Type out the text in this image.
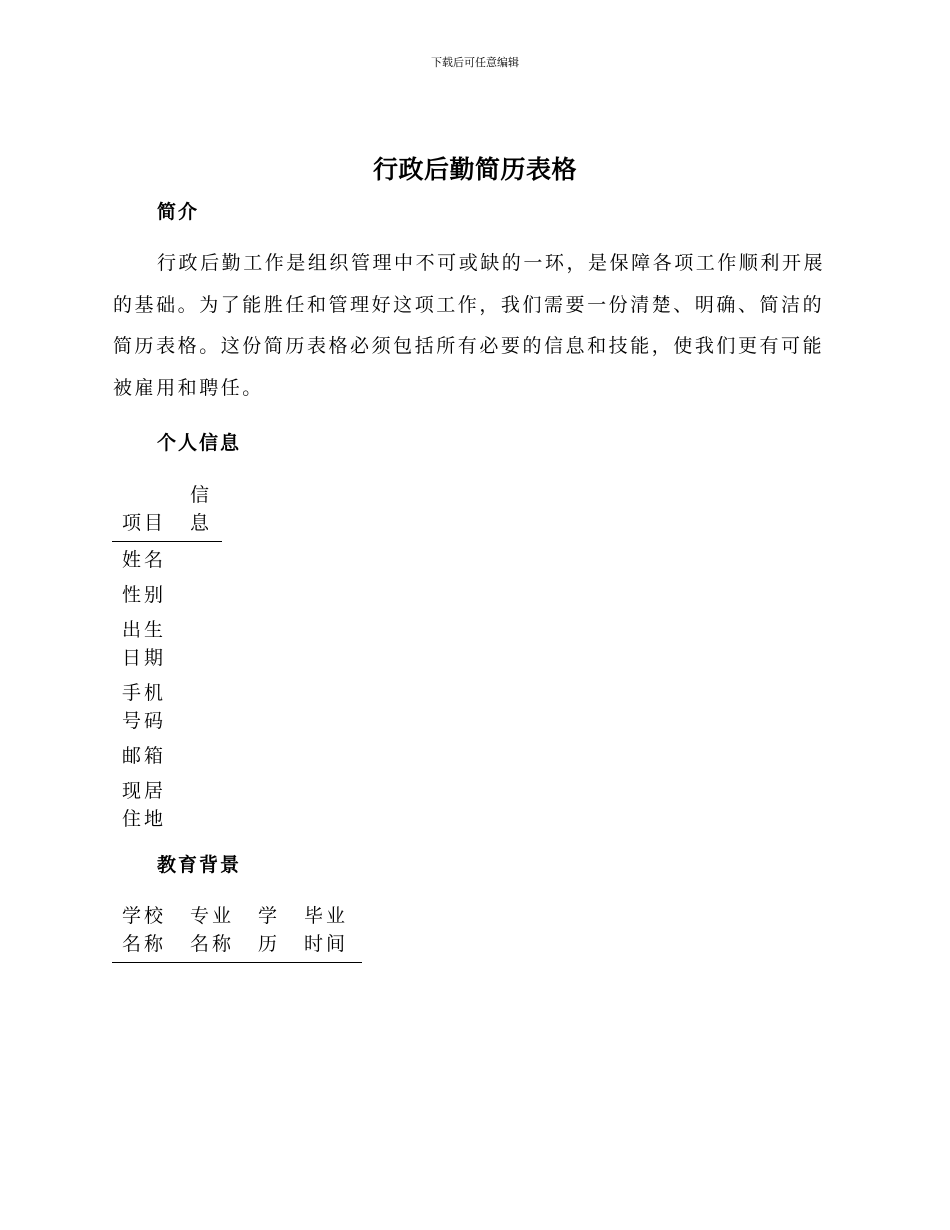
下载后可任意编辑
行政后勤简历表格
简介

行政后勤工作是组织管理中不可或缺的一环，是保障各项工作顺利开展的基础。为了能胜任和管理好这项工作，我们需要一份清楚、明确、简洁的简历表格。这份简历表格必须包括所有必要的信息和技能，使我们更有可能被雇用和聘任。

个人信息
项目	信息
姓名	
性别	
出生日期	
手机号码	
邮箱	
现居住地	
教育背景
学校名称	专业名称	学历	毕业时间
